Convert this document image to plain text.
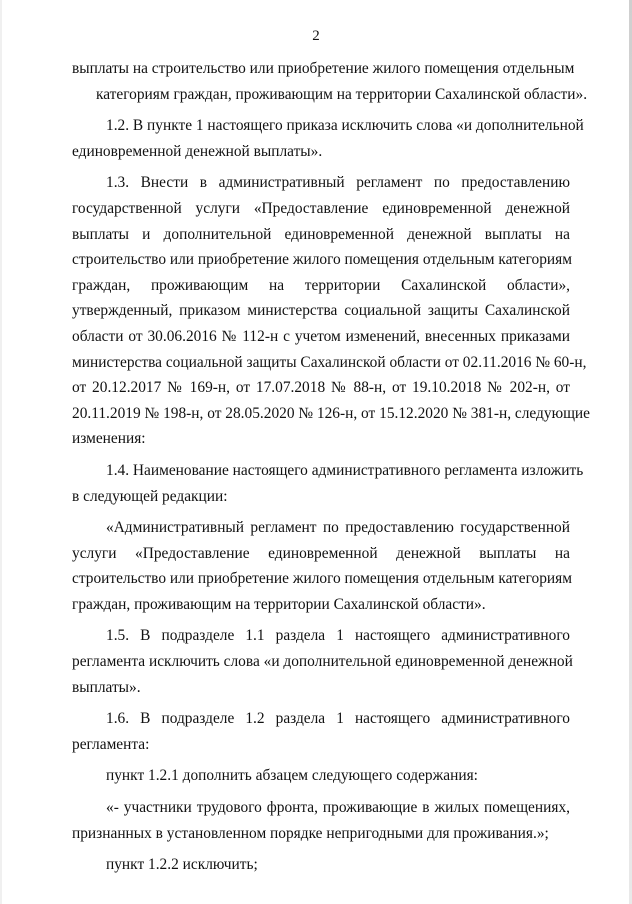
2
выплаты на строительство или приобретение жилого помещения отдельным
категориям граждан, проживающим на территории Сахалинской области».
1.2. В пункте 1 настоящего приказа исключить слова «и дополнительной
единовременной денежной выплаты».
1.3. Внести в административный регламент по предоставлению
государственной услуги «Предоставление единовременной денежной
выплаты и дополнительной единовременной денежной выплаты на
строительство или приобретение жилого помещения отдельным категориям
граждан, проживающим на территории Сахалинской области»,
утвержденный, приказом министерства социальной защиты Сахалинской
области от 30.06.2016 № 112-н с учетом изменений, внесенных приказами
министерства социальной защиты Сахалинской области от 02.11.2016 № 60-н,
от 20.12.2017 № 169-н, от 17.07.2018 № 88-н, от 19.10.2018 № 202-н, от
20.11.2019 № 198-н, от 28.05.2020 № 126-н, от 15.12.2020 № 381-н, следующие
изменения:
1.4. Наименование настоящего административного регламента изложить
в следующей редакции:
«Административный регламент по предоставлению государственной
услуги «Предоставление единовременной денежной выплаты на
строительство или приобретение жилого помещения отдельным категориям
граждан, проживающим на территории Сахалинской области».
1.5. В подразделе 1.1 раздела 1 настоящего административного
регламента исключить слова «и дополнительной единовременной денежной
выплаты».
1.6. В подразделе 1.2 раздела 1 настоящего административного
регламента:
пункт 1.2.1 дополнить абзацем следующего содержания:
«- участники трудового фронта, проживающие в жилых помещениях,
признанных в установленном порядке непригодными для проживания.»;
пункт 1.2.2 исключить;
